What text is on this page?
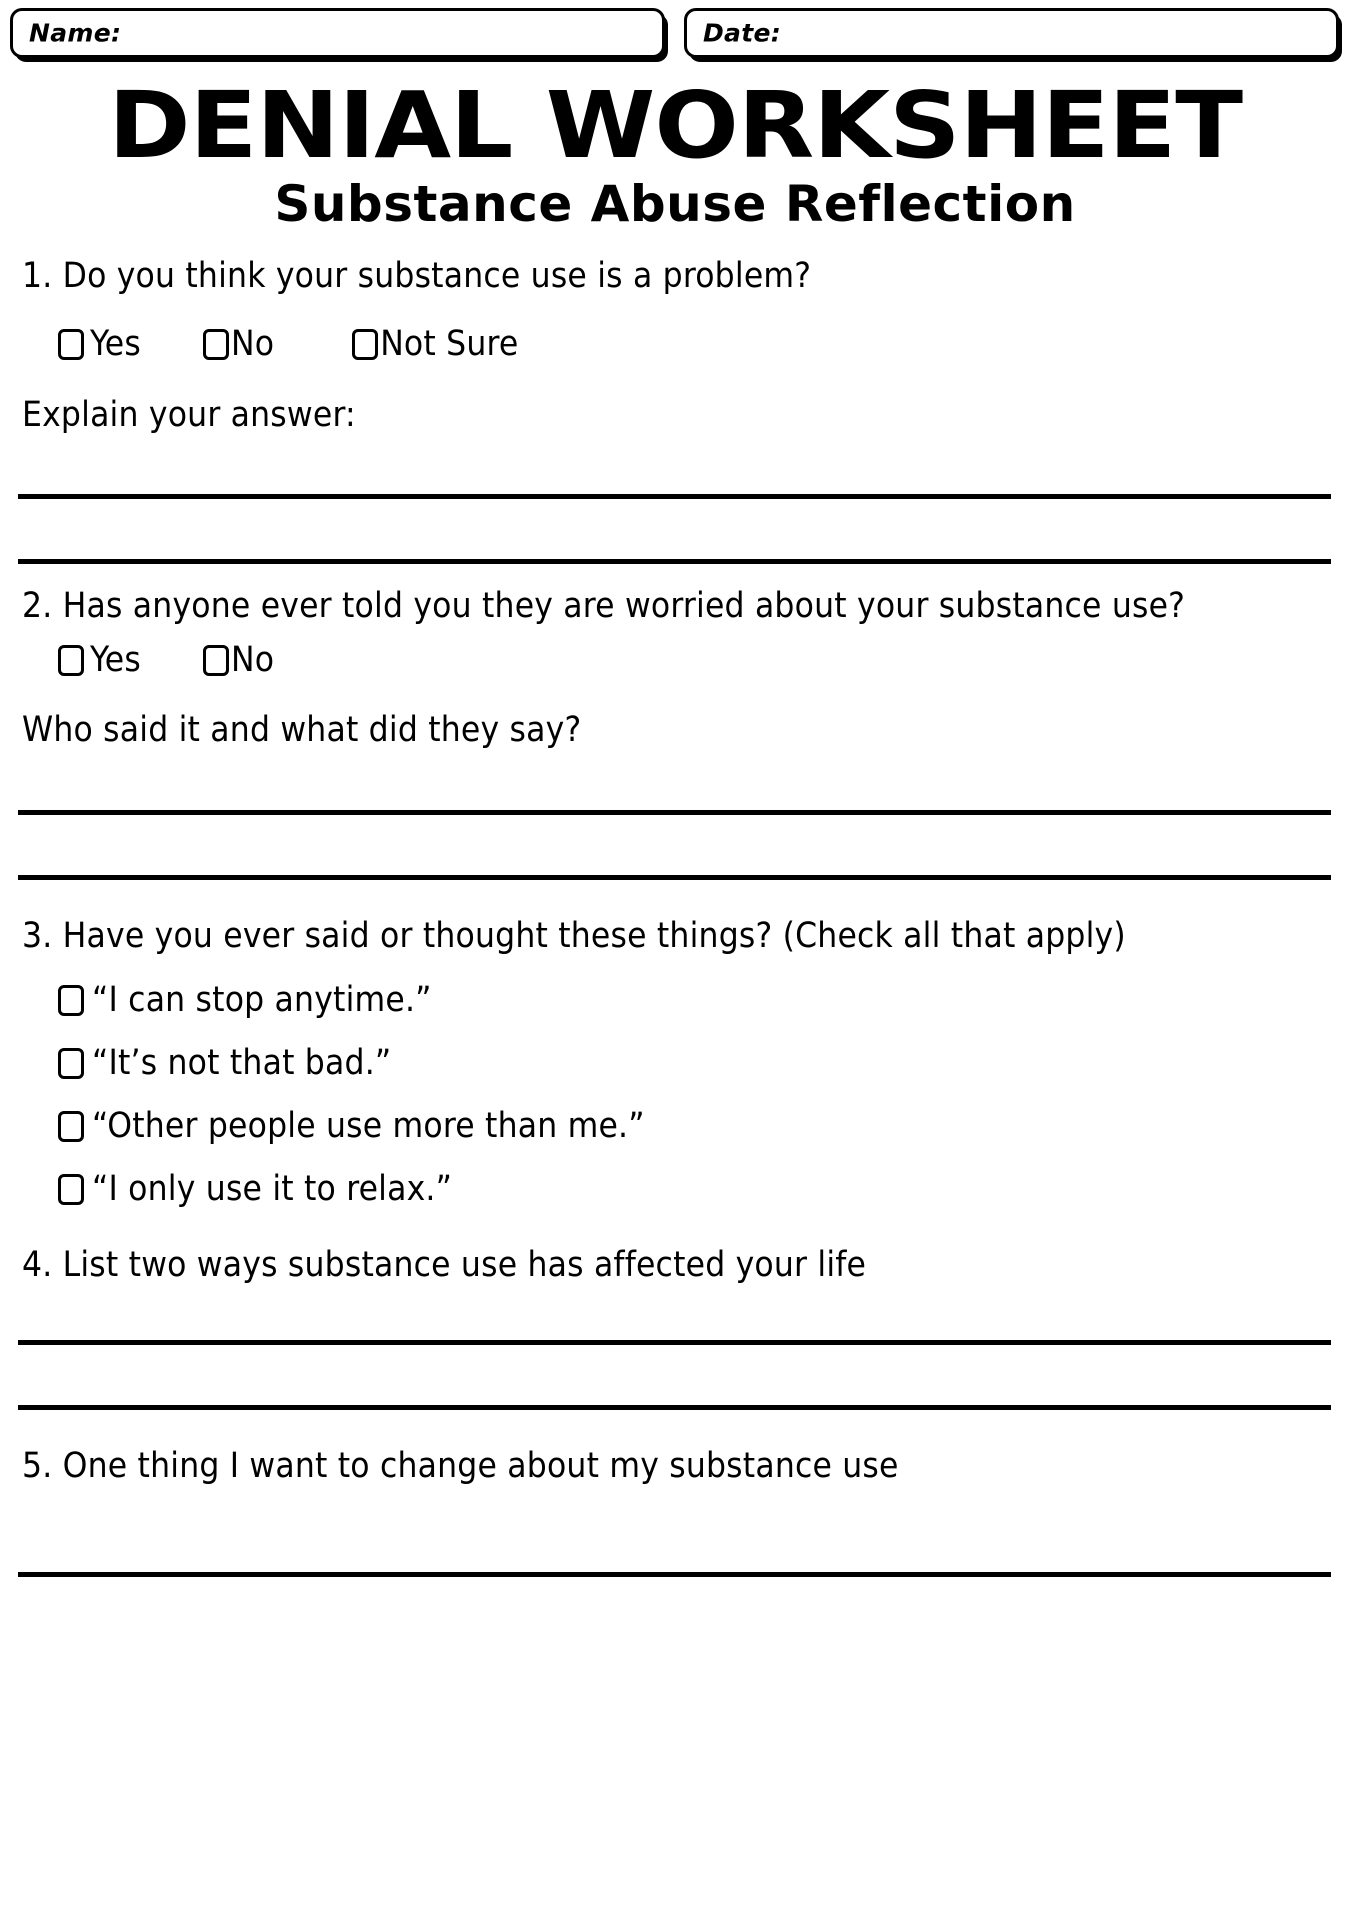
Name:	Date:
DENIAL WORKSHEET
Substance Abuse Reflection
1. Do you think your substance use is a problem?
Yes	No	Not Sure
Explain your answer:
2. Has anyone ever told you they are worried about your substance use?
Yes	No
Who said it and what did they say?
3. Have you ever said or thought these things? (Check all that apply)
“I can stop anytime.”
“It’s not that bad.”
“Other people use more than me.”
“I only use it to relax.”
4. List two ways substance use has affected your life
5. One thing I want to change about my substance use
